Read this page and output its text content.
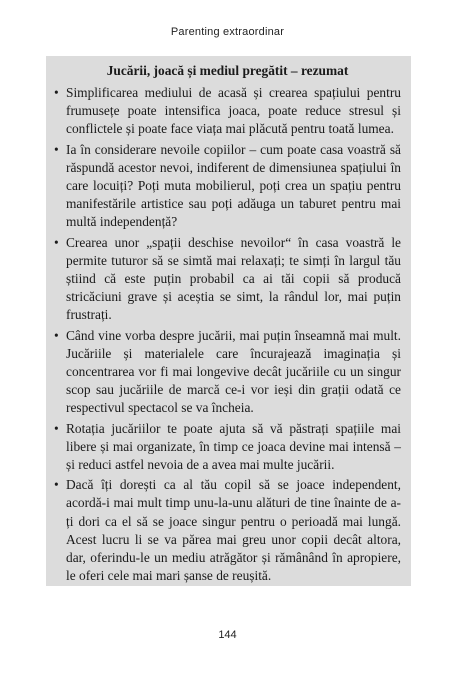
Parenting extraordinar
Jucării, joacă și mediul pregătit – rezumat
• Simplificarea mediului de acasă și crearea spațiului pentru frumusețe poate intensifica joaca, poate reduce stresul și conflictele și poate face viața mai plăcută pentru toată lumea.
• Ia în considerare nevoile copiilor – cum poate casa voastră să răspundă acestor nevoi, indiferent de dimensiunea spațiului în care locuiți? Poți muta mobilierul, poți crea un spațiu pentru manifestările artistice sau poți adăuga un taburet pentru mai multă independență?
• Crearea unor „spații deschise nevoilor“ în casa voastră le permite tuturor să se simtă mai relaxați; te simți în largul tău știind că este puțin probabil ca ai tăi copii să producă stricăciuni grave și aceștia se simt, la rândul lor, mai puțin frustrați.
• Când vine vorba despre jucării, mai puțin înseamnă mai mult. Jucăriile și materialele care încurajează imaginația și concentrarea vor fi mai longevive decât jucăriile cu un singur scop sau jucăriile de marcă ce-i vor ieși din grații odată ce respectivul spectacol se va încheia.
• Rotația jucăriilor te poate ajuta să vă păstrați spațiile mai libere și mai organizate, în timp ce joaca devine mai intensă – și reduci astfel nevoia de a avea mai multe jucării.
• Dacă îți dorești ca al tău copil să se joace independent, acordă-i mai mult timp unu-la-unu alături de tine înainte de a-ți dori ca el să se joace singur pentru o perioadă mai lungă. Acest lucru li se va părea mai greu unor copii decât altora, dar, oferindu-le un mediu atrăgător și rămânând în apropiere, le oferi cele mai mari șanse de reușită.
144
